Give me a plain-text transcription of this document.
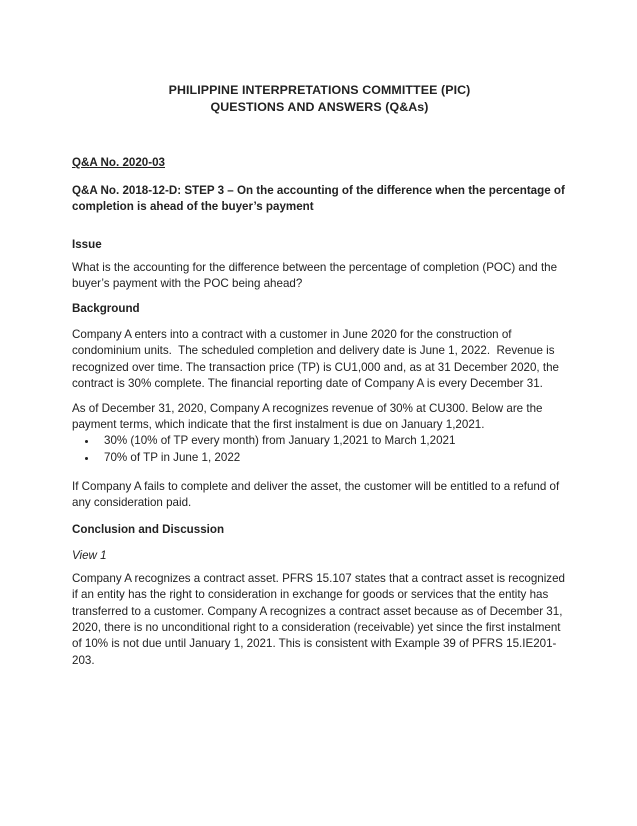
PHILIPPINE INTERPRETATIONS COMMITTEE (PIC)
QUESTIONS AND ANSWERS (Q&As)
Q&A No. 2020-03
Q&A No. 2018-12-D: STEP 3 – On the accounting of the difference when the percentage of completion is ahead of the buyer’s payment
Issue

What is the accounting for the difference between the percentage of completion (POC) and the buyer’s payment with the POC being ahead?

Background

Company A enters into a contract with a customer in June 2020 for the construction of condominium units.  The scheduled completion and delivery date is June 1, 2022.  Revenue is recognized over time. The transaction price (TP) is CU1,000 and, as at 31 December 2020, the contract is 30% complete. The financial reporting date of Company A is every December 31.

As of December 31, 2020, Company A recognizes revenue of 30% at CU300. Below are the payment terms, which indicate that the first instalment is due on January 1,2021.

• 30% (10% of TP every month) from January 1,2021 to March 1,2021
• 70% of TP in June 1, 2022

If Company A fails to complete and deliver the asset, the customer will be entitled to a refund of any consideration paid.

Conclusion and Discussion
View 1

Company A recognizes a contract asset. PFRS 15.107 states that a contract asset is recognized if an entity has the right to consideration in exchange for goods or services that the entity has transferred to a customer. Company A recognizes a contract asset because as of December 31, 2020, there is no unconditional right to a consideration (receivable) yet since the first instalment of 10% is not due until January 1, 2021. This is consistent with Example 39 of PFRS 15.IE201-203.
